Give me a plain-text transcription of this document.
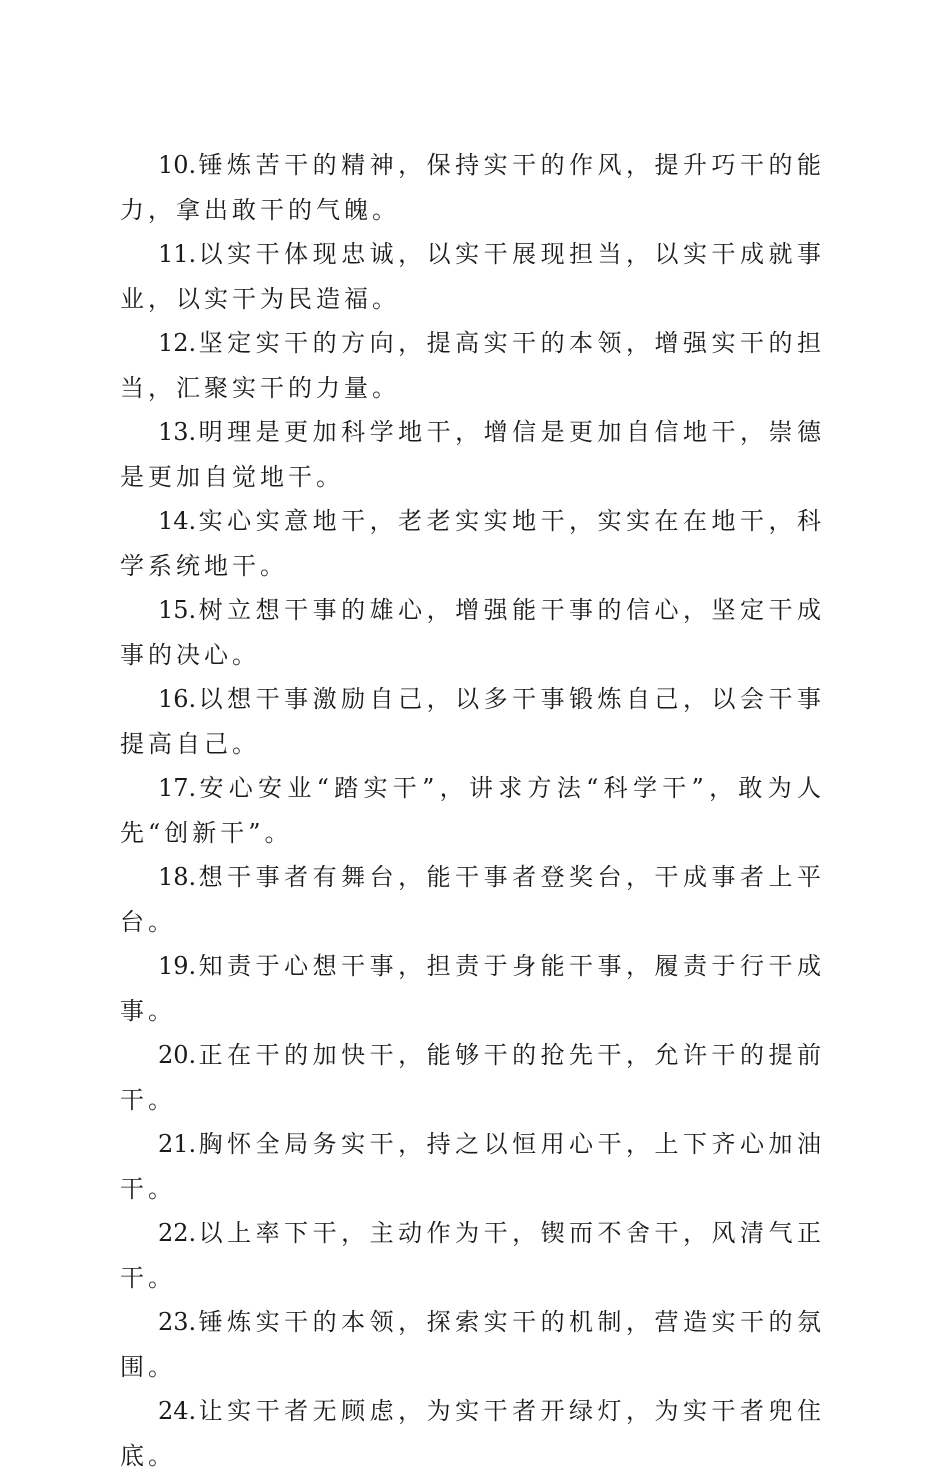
10.锤炼苦干的精神，保持实干的作风，提升巧干的能力，拿出敢干的气魄。

11.以实干体现忠诚，以实干展现担当，以实干成就事业，以实干为民造福。

12.坚定实干的方向，提高实干的本领，增强实干的担当，汇聚实干的力量。

13.明理是更加科学地干，增信是更加自信地干，崇德是更加自觉地干。

14.实心实意地干，老老实实地干，实实在在地干，科学系统地干。

15.树立想干事的雄心，增强能干事的信心，坚定干成事的决心。

16.以想干事激励自己，以多干事锻炼自己，以会干事提高自己。

17.安心安业“踏实干”，讲求方法“科学干”，敢为人先“创新干”。

18.想干事者有舞台，能干事者登奖台，干成事者上平台。

19.知责于心想干事，担责于身能干事，履责于行干成事。

20.正在干的加快干，能够干的抢先干，允许干的提前干。

21.胸怀全局务实干，持之以恒用心干，上下齐心加油干。

22.以上率下干，主动作为干，锲而不舍干，风清气正干。

23.锤炼实干的本领，探索实干的机制，营造实干的氛围。

24.让实干者无顾虑，为实干者开绿灯，为实干者兜住底。
